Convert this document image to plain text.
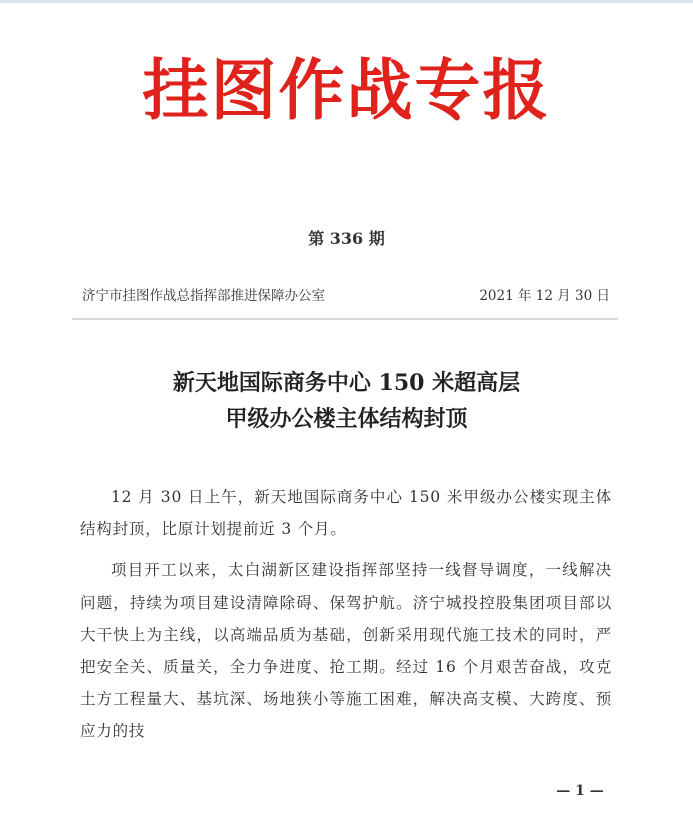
挂图作战专报
第 336 期
济宁市挂图作战总指挥部推进保障办公室	2021 年 12 月 30 日
新天地国际商务中心 150 米超高层
甲级办公楼主体结构封顶

12 月 30 日上午，新天地国际商务中心 150 米甲级办公楼实现主体结构封顶，比原计划提前近 3 个月。

项目开工以来，太白湖新区建设指挥部坚持一线督导调度，一线解决问题，持续为项目建设清障除碍、保驾护航。济宁城投控股集团项目部以大干快上为主线，以高端品质为基础，创新采用现代施工技术的同时，严把安全关、质量关，全力争进度、抢工期。经过 16 个月艰苦奋战，攻克土方工程量大、基坑深、场地狭小等施工困难，解决高支模、大跨度、预应力的技

— 1 —
